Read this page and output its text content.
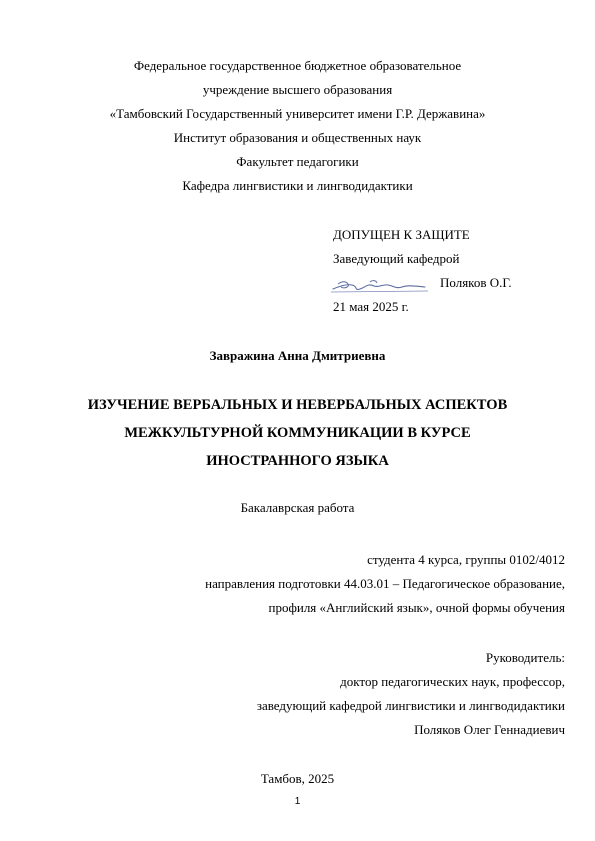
Федеральное государственное бюджетное образовательное
учреждение высшего образования
«Тамбовский Государственный университет имени Г.Р. Державина»
Институт образования и общественных наук
Факультет педагогики
Кафедра лингвистики и лингводидактики
ДОПУЩЕН К ЗАЩИТЕ
Заведующий кафедрой
Поляков О.Г.
21 мая 2025 г.
Завражина Анна Дмитриевна
ИЗУЧЕНИЕ ВЕРБАЛЬНЫХ И НЕВЕРБАЛЬНЫХ АСПЕКТОВ
МЕЖКУЛЬТУРНОЙ КОММУНИКАЦИИ В КУРСЕ
ИНОСТРАННОГО ЯЗЫКА
Бакалаврская работа
студента 4 курса, группы 0102/4012
направления подготовки 44.03.01 – Педагогическое образование,
профиля «Английский язык», очной формы обучения
Руководитель:
доктор педагогических наук, профессор,
заведующий кафедрой лингвистики и лингводидактики
Поляков Олег Геннадиевич
Тамбов, 2025
1
